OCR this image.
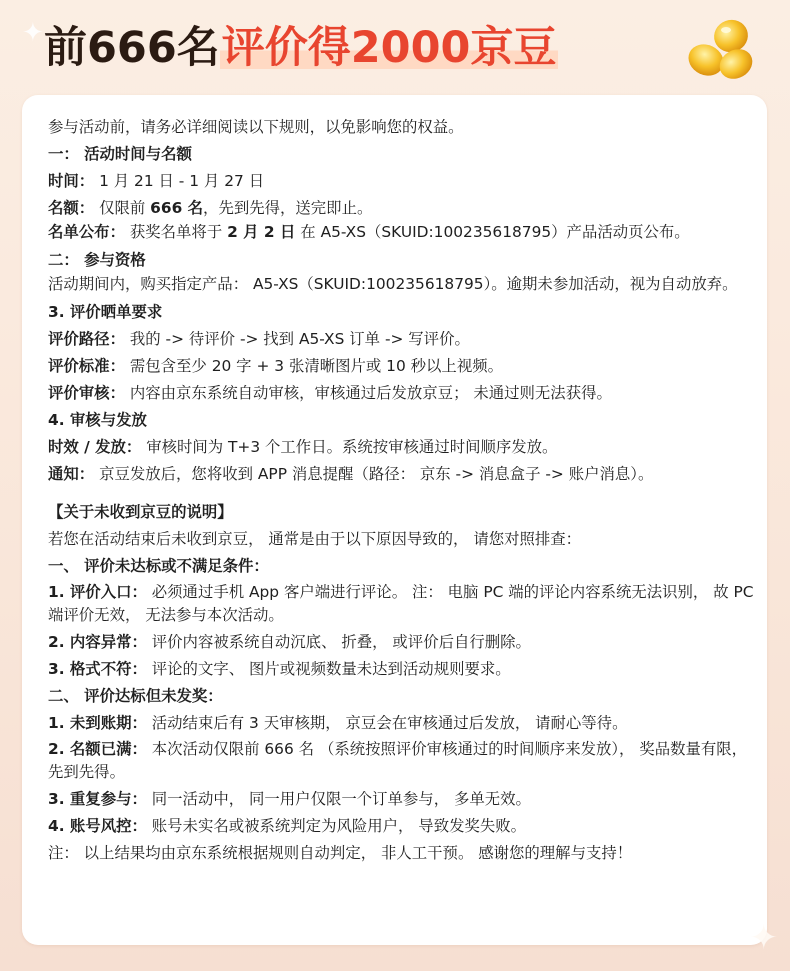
✦ 前666名评价得2000京豆

参与活动前，请务必详细阅读以下规则，以免影响您的权益。

一： 活动时间与名额

时间： 1 月 21 日 - 1 月 27 日

名额： 仅限前 666 名，先到先得，送完即止。

名单公布： 获奖名单将于 2 月 2 日 在 A5-XS（SKUID:100235618795）产品活动页公布。

二： 参与资格

活动期间内，购买指定产品： A5-XS（SKUID:100235618795）。逾期未参加活动，视为自动放弃。

3. 评价晒单要求

评价路径： 我的 -> 待评价 -> 找到 A5-XS 订单 -> 写评价。

评价标准： 需包含至少 20 字 + 3 张清晰图片或 10 秒以上视频。

评价审核： 内容由京东系统自动审核，审核通过后发放京豆； 未通过则无法获得。

4. 审核与发放

时效 / 发放： 审核时间为 T+3 个工作日。系统按审核通过时间顺序发放。

通知： 京豆发放后，您将收到 APP 消息提醒（路径： 京东 -> 消息盒子 -> 账户消息）。

【关于未收到京豆的说明】

若您在活动结束后未收到京豆， 通常是由于以下原因导致的， 请您对照排查：

一、 评价未达标或不满足条件：

1. 评价入口： 必须通过手机 App 客户端进行评论。 注： 电脑 PC 端的评论内容系统无法识别， 故 PC 端评价无效， 无法参与本次活动。

2. 内容异常： 评价内容被系统自动沉底、 折叠， 或评价后自行删除。

3. 格式不符： 评论的文字、 图片或视频数量未达到活动规则要求。

二、 评价达标但未发奖：

1. 未到账期： 活动结束后有 3 天审核期， 京豆会在审核通过后发放， 请耐心等待。

2. 名额已满： 本次活动仅限前 666 名 （系统按照评价审核通过的时间顺序来发放）， 奖品数量有限， 先到先得。

3. 重复参与： 同一活动中， 同一用户仅限一个订单参与， 多单无效。

4. 账号风控： 账号未实名或被系统判定为风险用户， 导致发奖失败。

注： 以上结果均由京东系统根据规则自动判定， 非人工干预。 感谢您的理解与支持！

✦
